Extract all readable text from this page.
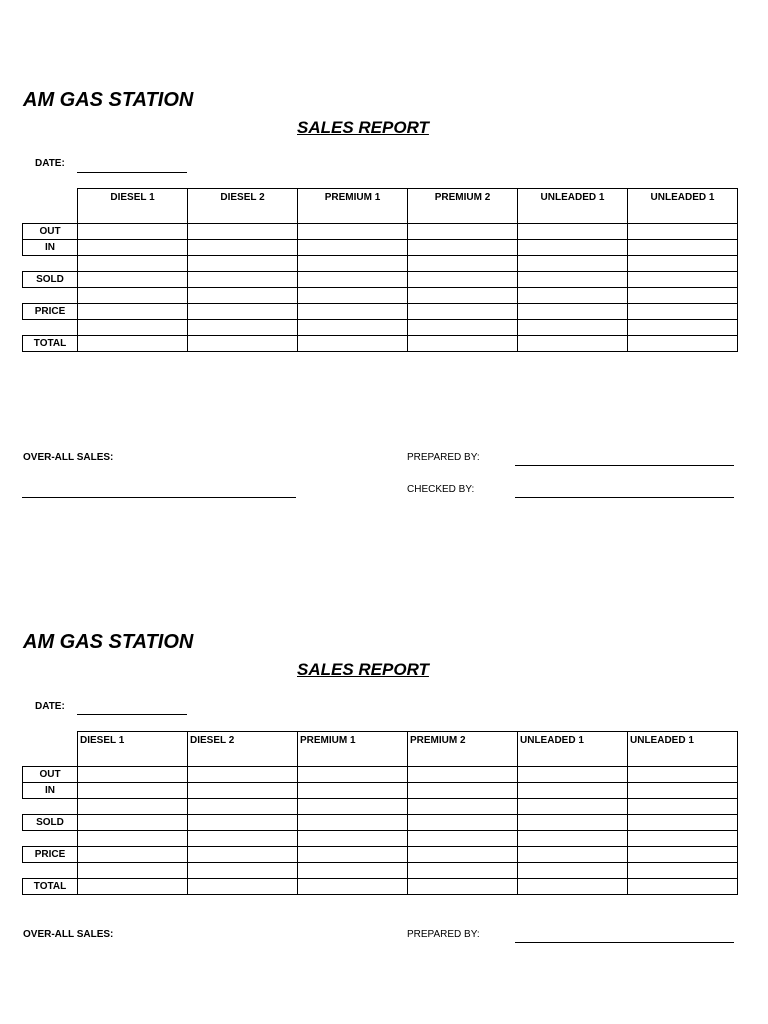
AM GAS STATION
SALES REPORT
DATE:
	DIESEL 1	DIESEL 2	PREMIUM 1	PREMIUM 2	UNLEADED 1	UNLEADED 1
OUT						
IN						

SOLD						

PRICE						

TOTAL						
OVER-ALL SALES:	PREPARED BY:
CHECKED BY:
AM GAS STATION
SALES REPORT
DATE:
	DIESEL 1	DIESEL 2	PREMIUM 1	PREMIUM 2	UNLEADED 1	UNLEADED 1
OUT						
IN						

SOLD						

PRICE						

TOTAL						
OVER-ALL SALES:	PREPARED BY:
